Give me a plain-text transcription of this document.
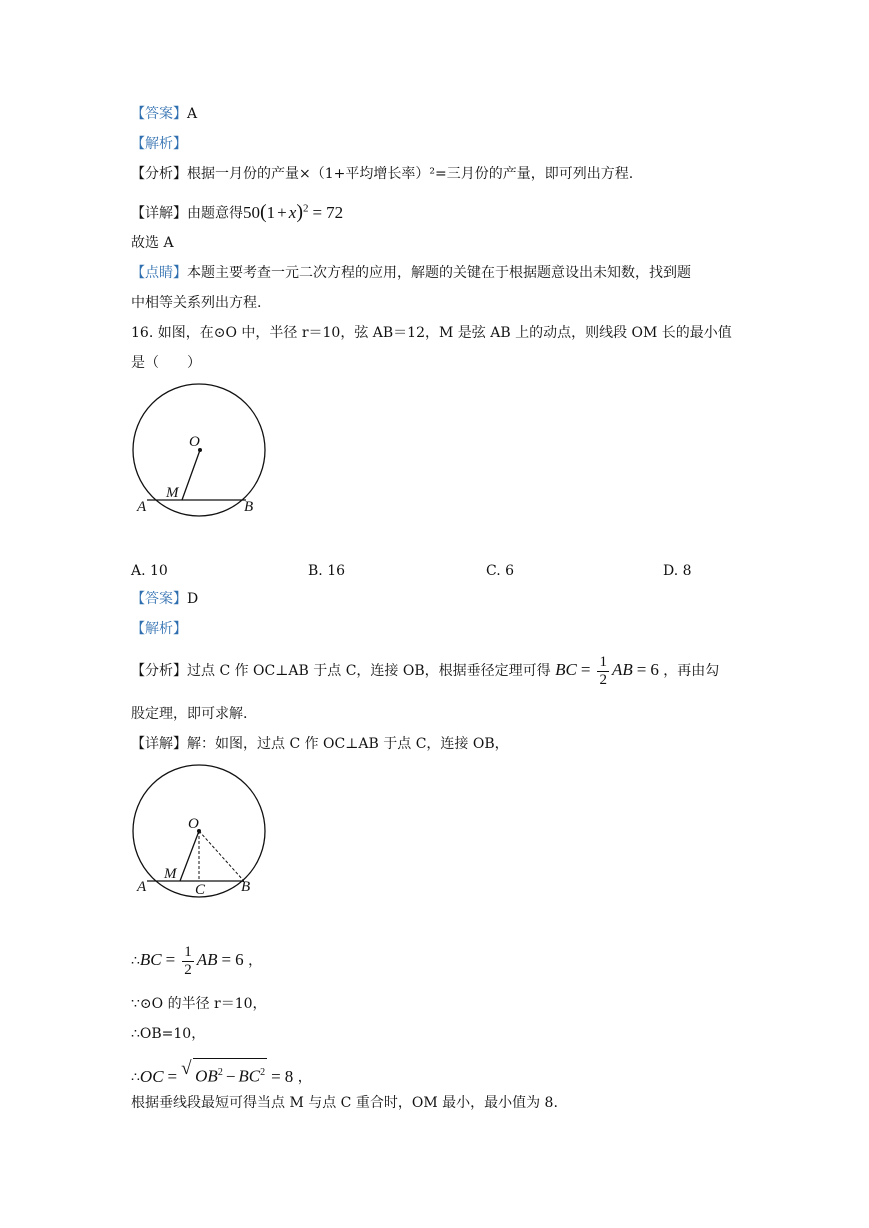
【答案】A
【解析】
【分析】根据一月份的产量×（1+平均增长率）²=三月份的产量，即可列出方程.
【详解】由题意得$50(1 + x)^2 = 72$
故选 A
【点睛】本题主要考查一元二次方程的应用，解题的关键在于根据题意设出未知数，找到题
中相等关系列出方程.
16. 如图，在⊙O 中，半径 r＝10，弦 AB＝12，M 是弦 AB 上的动点，则线段 OM 长的最小值
是（　　）
O
M
A	B
A. 10	B. 16	C. 6	D. 8
【答案】D
【解析】
【分析】过点 C 作 OC⊥AB 于点 C，连接 OB，根据垂径定理可得 BC = $\frac{1}{2}$ AB = 6 ，再由勾
股定理，即可求解.
【详解】解：如图，过点 C 作 OC⊥AB 于点 C，连接 OB，
O
M
A	C B
∴BC = $\frac{1}{2}$ AB = 6 ，
∵⊙O 的半径 r＝10，
∴OB=10，
∴OC = √ $OB^2 - BC^2 = 8$ ，
根据垂线段最短可得当点 M 与点 C 重合时，OM 最小，最小值为 8.
